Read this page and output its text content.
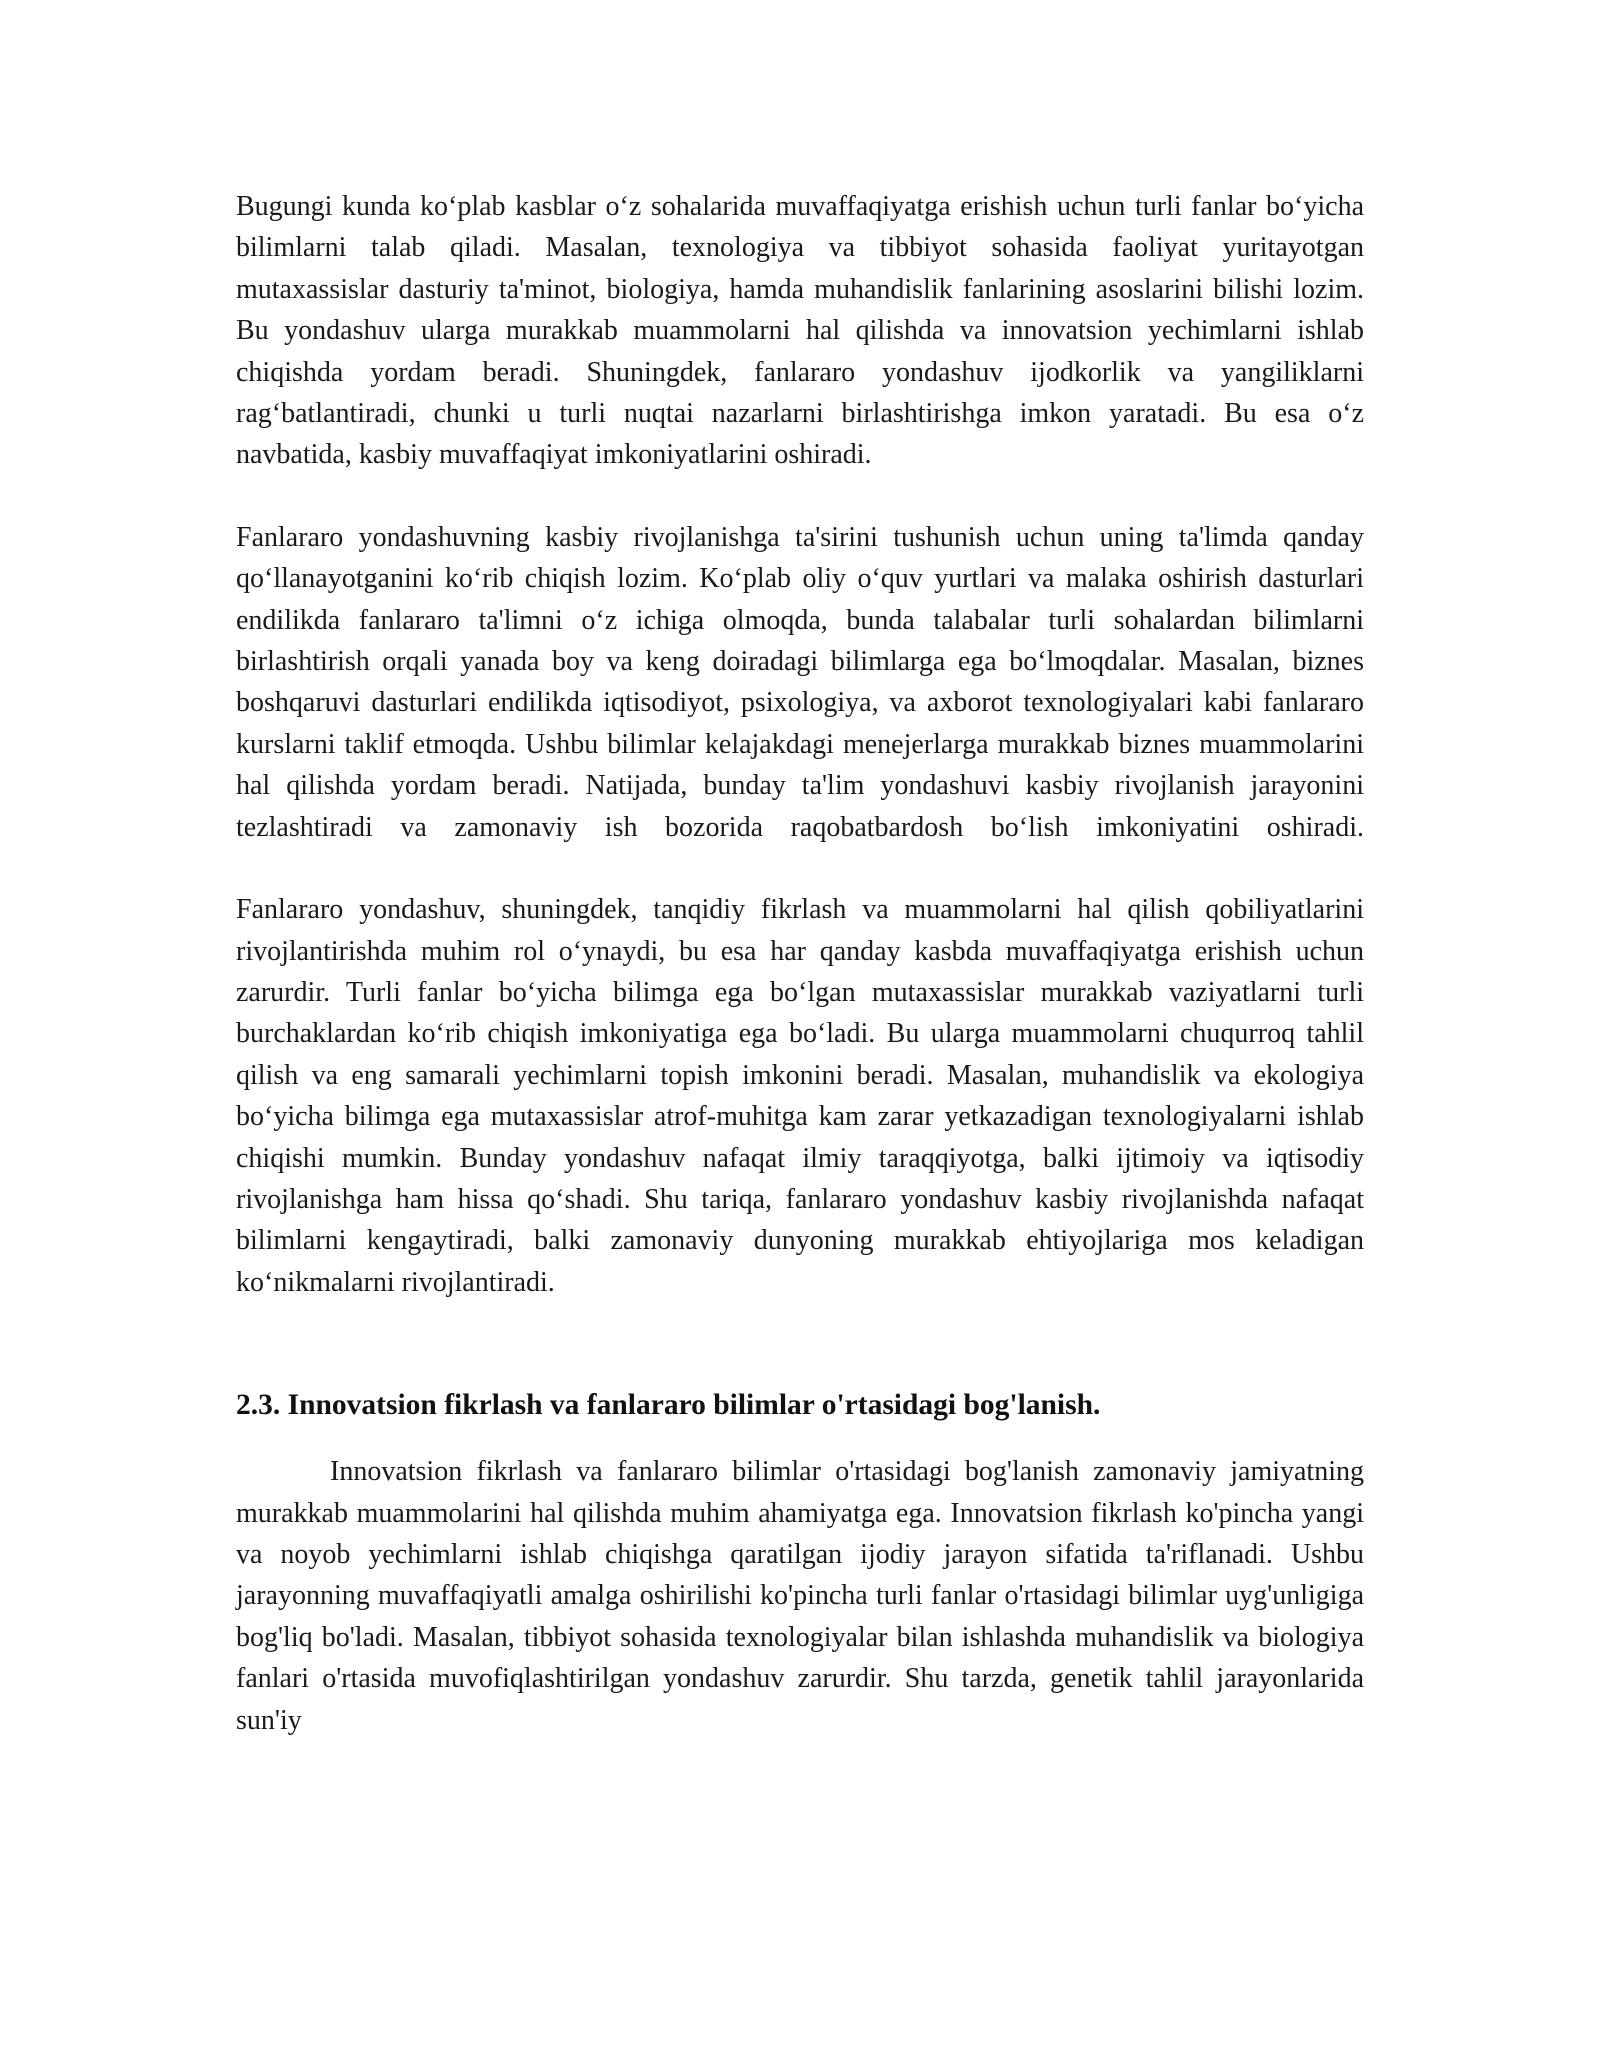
Bugungi kunda ko‘plab kasblar o‘z sohalarida muvaffaqiyatga erishish uchun turli fanlar bo‘yicha bilimlarni talab qiladi. Masalan, texnologiya va tibbiyot sohasida faoliyat yuritayotgan mutaxassislar dasturiy ta'minot, biologiya, hamda muhandislik fanlarining asoslarini bilishi lozim. Bu yondashuv ularga murakkab muammolarni hal qilishda va innovatsion yechimlarni ishlab chiqishda yordam beradi. Shuningdek, fanlararo yondashuv ijodkorlik va yangiliklarni rag‘batlantiradi, chunki u turli nuqtai nazarlarni birlashtirishga imkon yaratadi. Bu esa o‘z navbatida, kasbiy muvaffaqiyat imkoniyatlarini oshiradi.

Fanlararo yondashuvning kasbiy rivojlanishga ta'sirini tushunish uchun uning ta'limda qanday qo‘llanayotganini ko‘rib chiqish lozim. Ko‘plab oliy o‘quv yurtlari va malaka oshirish dasturlari endilikda fanlararo ta'limni o‘z ichiga olmoqda, bunda talabalar turli sohalardan bilimlarni birlashtirish orqali yanada boy va keng doiradagi bilimlarga ega bo‘lmoqdalar. Masalan, biznes boshqaruvi dasturlari endilikda iqtisodiyot, psixologiya, va axborot texnologiyalari kabi fanlararo kurslarni taklif etmoqda. Ushbu bilimlar kelajakdagi menejerlarga murakkab biznes muammolarini hal qilishda yordam beradi. Natijada, bunday ta'lim yondashuvi kasbiy rivojlanish jarayonini tezlashtiradi va zamonaviy ish bozorida raqobatbardosh bo‘lish imkoniyatini oshiradi.

Fanlararo yondashuv, shuningdek, tanqidiy fikrlash va muammolarni hal qilish qobiliyatlarini rivojlantirishda muhim rol o‘ynaydi, bu esa har qanday kasbda muvaffaqiyatga erishish uchun zarurdir. Turli fanlar bo‘yicha bilimga ega bo‘lgan mutaxassislar murakkab vaziyatlarni turli burchaklardan ko‘rib chiqish imkoniyatiga ega bo‘ladi. Bu ularga muammolarni chuqurroq tahlil qilish va eng samarali yechimlarni topish imkonini beradi. Masalan, muhandislik va ekologiya bo‘yicha bilimga ega mutaxassislar atrof-muhitga kam zarar yetkazadigan texnologiyalarni ishlab chiqishi mumkin. Bunday yondashuv nafaqat ilmiy taraqqiyotga, balki ijtimoiy va iqtisodiy rivojlanishga ham hissa qo‘shadi. Shu tariqa, fanlararo yondashuv kasbiy rivojlanishda nafaqat bilimlarni kengaytiradi, balki zamonaviy dunyoning murakkab ehtiyojlariga mos keladigan ko‘nikmalarni rivojlantiradi.

2.3. Innovatsion fikrlash va fanlararo bilimlar o'rtasidagi bog'lanish.

Innovatsion fikrlash va fanlararo bilimlar o'rtasidagi bog'lanish zamonaviy jamiyatning murakkab muammolarini hal qilishda muhim ahamiyatga ega. Innovatsion fikrlash ko'pincha yangi va noyob yechimlarni ishlab chiqishga qaratilgan ijodiy jarayon sifatida ta'riflanadi. Ushbu jarayonning muvaffaqiyatli amalga oshirilishi ko'pincha turli fanlar o'rtasidagi bilimlar uyg'unligiga bog'liq bo'ladi. Masalan, tibbiyot sohasida texnologiyalar bilan ishlashda muhandislik va biologiya fanlari o'rtasida muvofiqlashtirilgan yondashuv zarurdir. Shu tarzda, genetik tahlil jarayonlarida sun'iy
